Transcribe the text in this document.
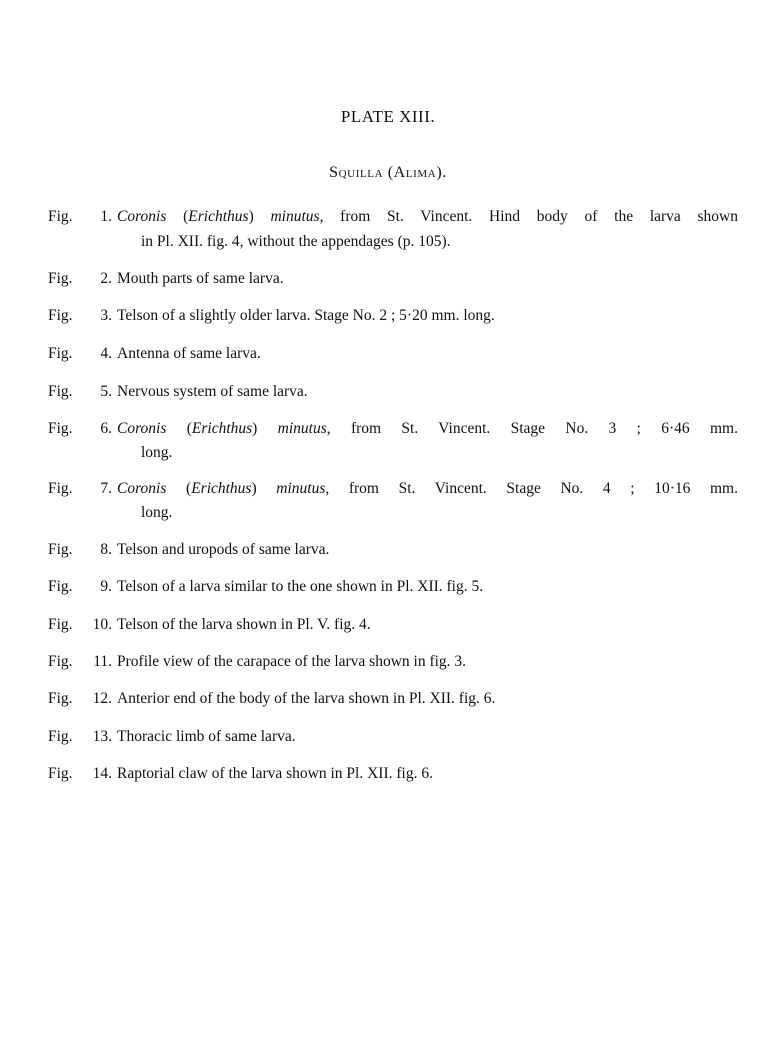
PLATE XIII.
Squilla (Alima).
Fig.	1. Coronis (Erichthus) minutus, from St. Vincent. Hind body of the larva shown
in Pl. XII. fig. 4, without the appendages (p. 105).
Fig.	2. Mouth parts of same larva.
Fig.	3. Telson of a slightly older larva. Stage No. 2 ; 5·20 mm. long.
Fig.	4. Antenna of same larva.
Fig.	5. Nervous system of same larva.
Fig.	6. Coronis (Erichthus) minutus, from St. Vincent. Stage No. 3 ; 6·46 mm.
long.
Fig.	7. Coronis (Erichthus) minutus, from St. Vincent. Stage No. 4 ; 10·16 mm.
long.
Fig.	8. Telson and uropods of same larva.
Fig.	9. Telson of a larva similar to the one shown in Pl. XII. fig. 5.
Fig.	10. Telson of the larva shown in Pl. V. fig. 4.
Fig.	11. Profile view of the carapace of the larva shown in fig. 3.
Fig.	12. Anterior end of the body of the larva shown in Pl. XII. fig. 6.
Fig.	13. Thoracic limb of same larva.
Fig.	14. Raptorial claw of the larva shown in Pl. XII. fig. 6.
